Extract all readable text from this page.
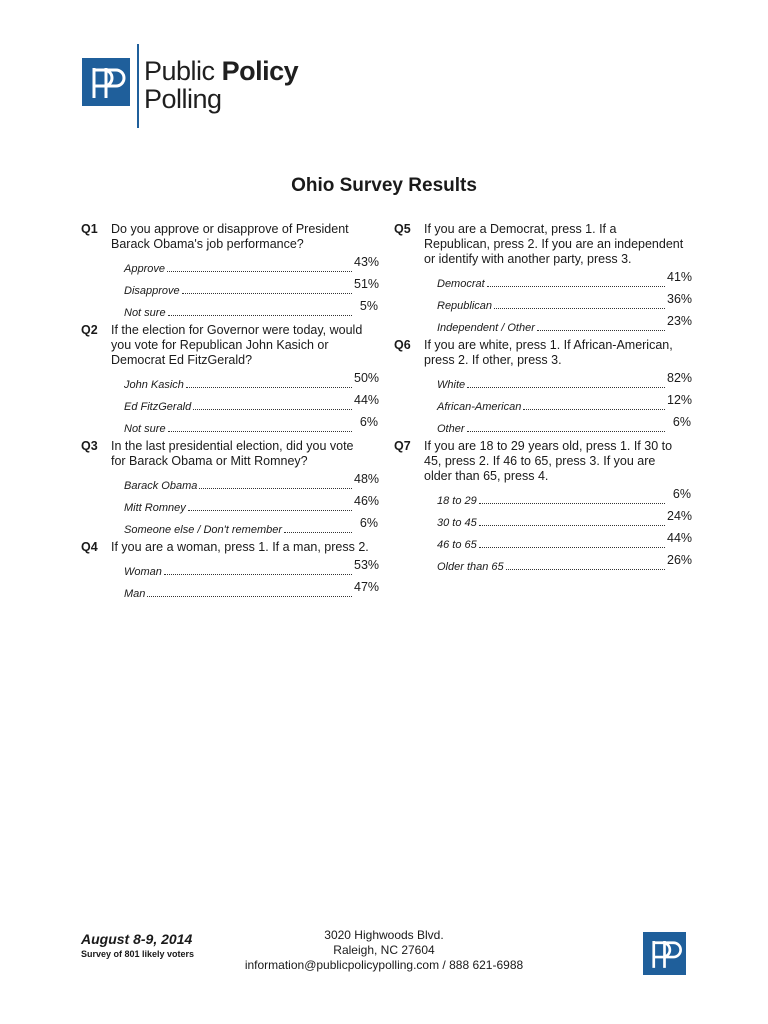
Public Policy
Polling
Ohio Survey Results
Q1 Do you approve or disapprove of President Barack Obama's job performance?
Approve	43%
Disapprove	51%
Not sure	5%
Q2 If the election for Governor were today, would you vote for Republican John Kasich or Democrat Ed FitzGerald?
John Kasich	50%
Ed FitzGerald	44%
Not sure	6%
Q3 In the last presidential election, did you vote for Barack Obama or Mitt Romney?
Barack Obama	48%
Mitt Romney	46%
Someone else / Don't remember	6%
Q4 If you are a woman, press 1. If a man, press 2.
Woman	53%
Man	47%
Q5 If you are a Democrat, press 1. If a Republican, press 2. If you are an independent or identify with another party, press 3.
Democrat	41%
Republican	36%
Independent / Other	23%
Q6 If you are white, press 1. If African-American, press 2. If other, press 3.
White	82%
African-American	12%
Other	6%
Q7 If you are 18 to 29 years old, press 1. If 30 to 45, press 2. If 46 to 65, press 3. If you are older than 65, press 4.
18 to 29	6%
30 to 45	24%
46 to 65	44%
Older than 65	26%
August 8-9, 2014
Survey of 801 likely voters
3020 Highwoods Blvd.
Raleigh, NC 27604
information@publicpolicypolling.com / 888 621-6988
